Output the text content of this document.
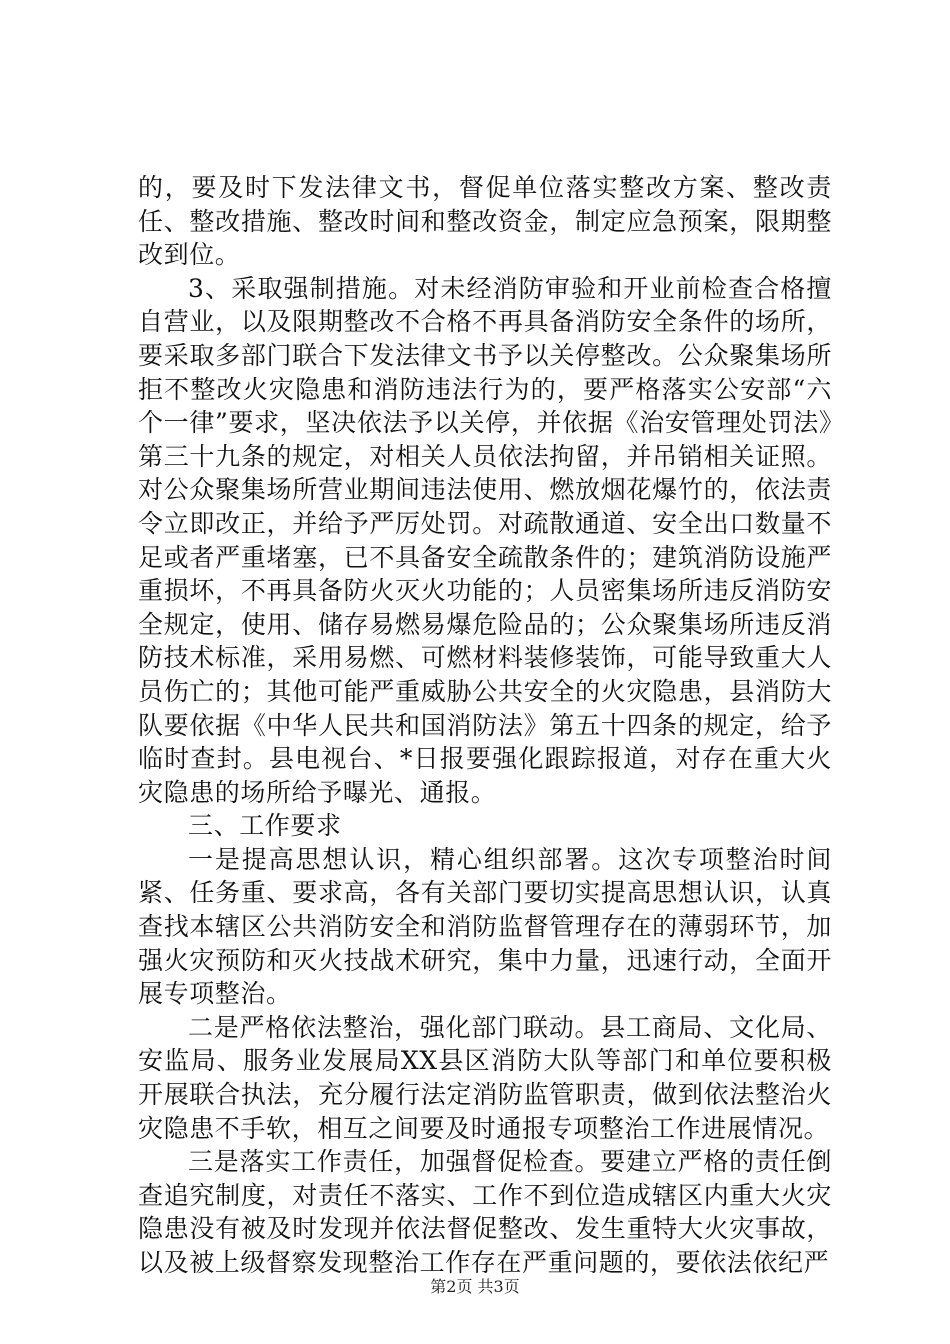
的，要及时下发法律文书，督促单位落实整改方案、整改责任、整改措施、整改时间和整改资金，制定应急预案，限期整改到位。

3、采取强制措施。对未经消防审验和开业前检查合格擅自营业，以及限期整改不合格不再具备消防安全条件的场所，要采取多部门联合下发法律文书予以关停整改。公众聚集场所拒不整改火灾隐患和消防违法行为的，要严格落实公安部“六个一律”要求，坚决依法予以关停，并依据《治安管理处罚法》第三十九条的规定，对相关人员依法拘留，并吊销相关证照。对公众聚集场所营业期间违法使用、燃放烟花爆竹的，依法责令立即改正，并给予严厉处罚。对疏散通道、安全出口数量不足或者严重堵塞，已不具备安全疏散条件的；建筑消防设施严重损坏，不再具备防火灭火功能的；人员密集场所违反消防安全规定，使用、储存易燃易爆危险品的；公众聚集场所违反消防技术标准，采用易燃、可燃材料装修装饰，可能导致重大人员伤亡的；其他可能严重威胁公共安全的火灾隐患，县消防大队要依据《中华人民共和国消防法》第五十四条的规定，给予临时查封。县电视台、*日报要强化跟踪报道，对存在重大火灾隐患的场所给予曝光、通报。

三、工作要求

一是提高思想认识，精心组织部署。这次专项整治时间紧、任务重、要求高，各有关部门要切实提高思想认识，认真查找本辖区公共消防安全和消防监督管理存在的薄弱环节，加强火灾预防和灭火技战术研究，集中力量，迅速行动，全面开展专项整治。

二是严格依法整治，强化部门联动。县工商局、文化局、安监局、服务业发展局XX县区消防大队等部门和单位要积极开展联合执法，充分履行法定消防监管职责，做到依法整治火灾隐患不手软，相互之间要及时通报专项整治工作进展情况。

三是落实工作责任，加强督促检查。要建立严格的责任倒查追究制度，对责任不落实、工作不到位造成辖区内重大火灾隐患没有被及时发现并依法督促整改、发生重特大火灾事故，以及被上级督察发现整治工作存在严重问题的，要依法依纪严

第2页 共3页
